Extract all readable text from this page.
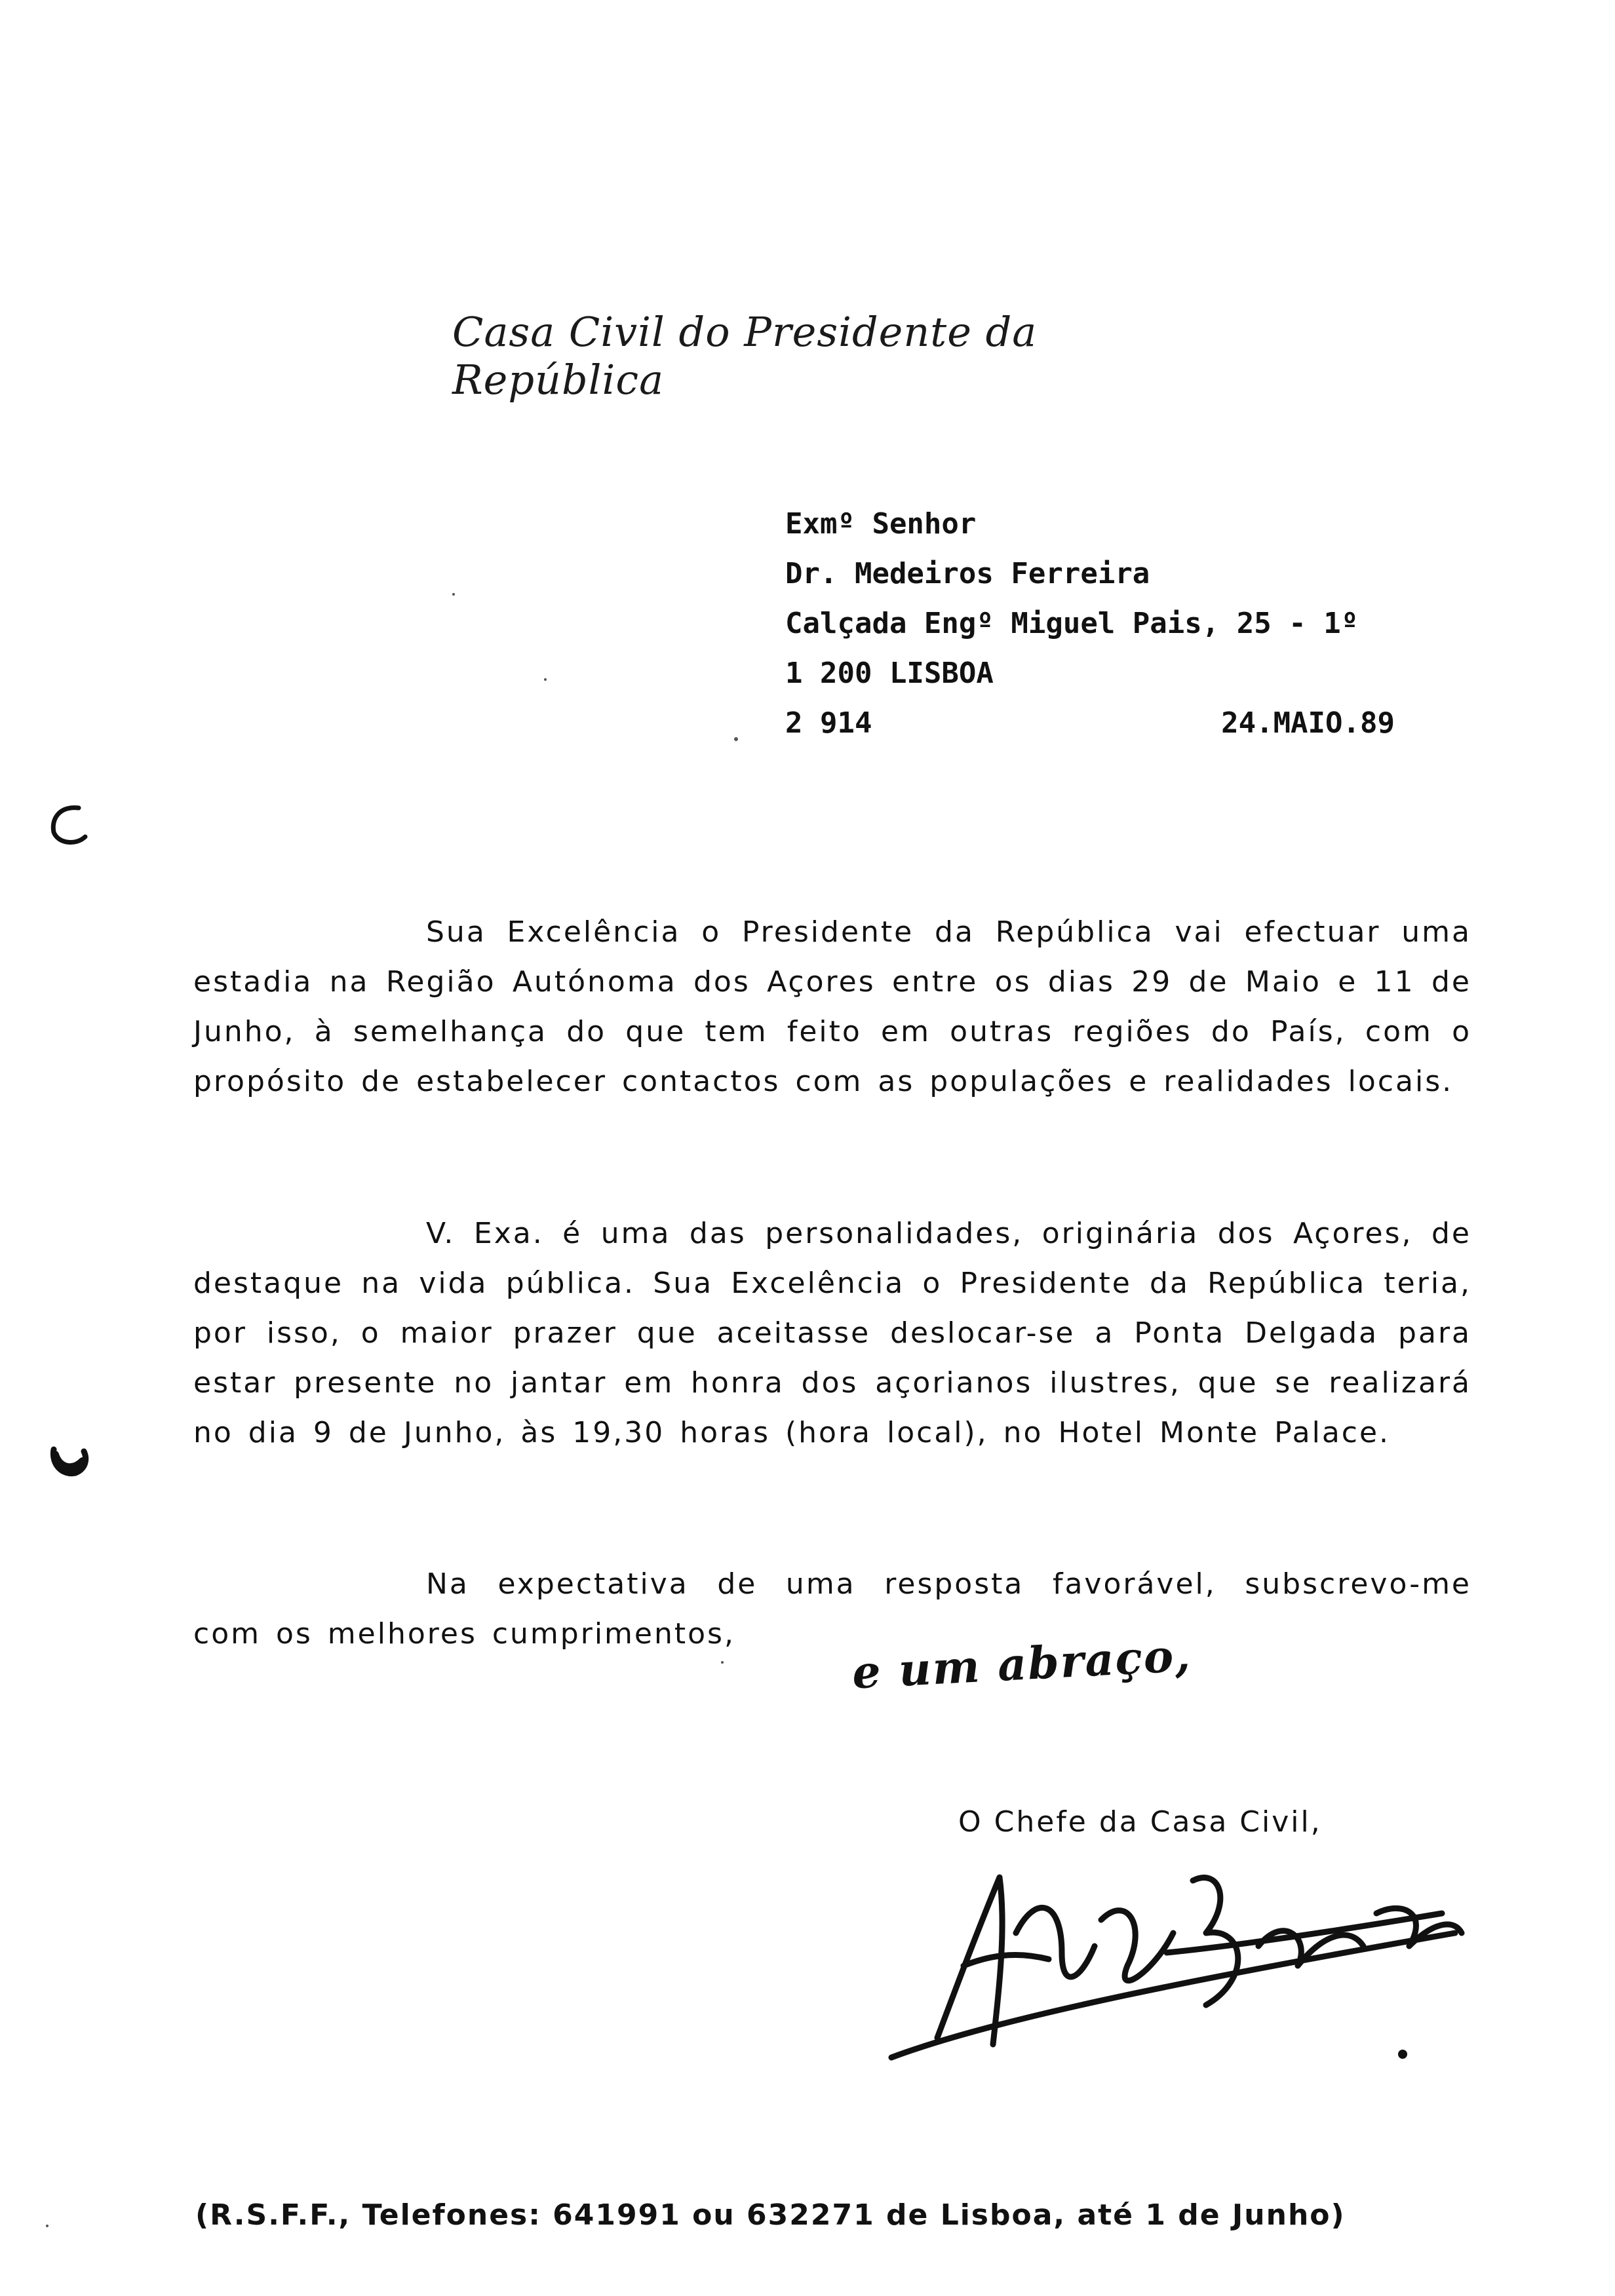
Casa Civil do Presidente da República
Exmº Senhor
Dr. Medeiros Ferreira
Calçada Engº Miguel Pais, 25 - 1º
1 200 LISBOA
2 914	24.MAIO.89
Sua Excelência o Presidente da República vai efectuar uma estadia na Região Autónoma dos Açores entre os dias 29 de Maio e 11 de Junho, à semelhança do que tem feito em outras regiões do País, com o propósito de estabelecer contactos com as populações e realidades locais.
V. Exa. é uma das personalidades, originária dos Açores, de destaque na vida pública. Sua Excelência o Presidente da República teria, por isso, o maior prazer que aceitasse deslocar-se a Ponta Delgada para estar presente no jantar em honra dos açorianos ilustres, que se realizará no dia 9 de Junho, às 19,30 horas (hora local), no Hotel Monte Palace.
Na expectativa de uma resposta favorável, subscrevo-me com os melhores cumprimentos,	e um abraço,
O Chefe da Casa Civil,
(R.S.F.F., Telefones: 641991 ou 632271 de Lisboa, até 1 de Junho)
